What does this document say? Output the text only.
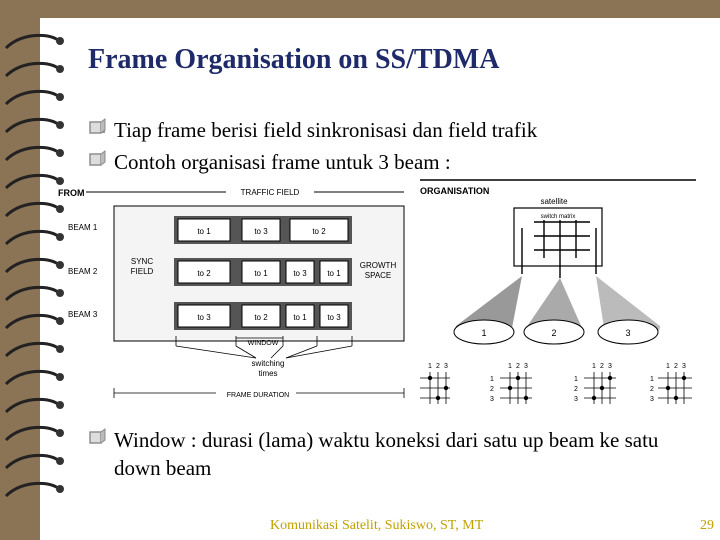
Frame Organisation on SS/TDMA
Tiap frame berisi field sinkronisasi dan field trafik
Contoh organisasi frame untuk 3 beam :
FROM	TRAFFIC FIELD
BEAM 1
BEAM 2
BEAM 3
SYNC
FIELD
GROWTH
SPACE
to 1	to 3	to 2
to 2	to 1	to 3	to 1
to 3	to 2	to 1	to 3
WINDOW
switching
times
FRAME DURATION
ORGANISATION
satellite
switch matrix
1	2	3
1 2 3	1 2 3
1
2
3
1 2 3
1
2
3
1 2 3
1
2
3
Window : durasi (lama) waktu koneksi dari satu up beam ke satu down beam
Komunikasi Satelit, Sukiswo, ST, MT	29
